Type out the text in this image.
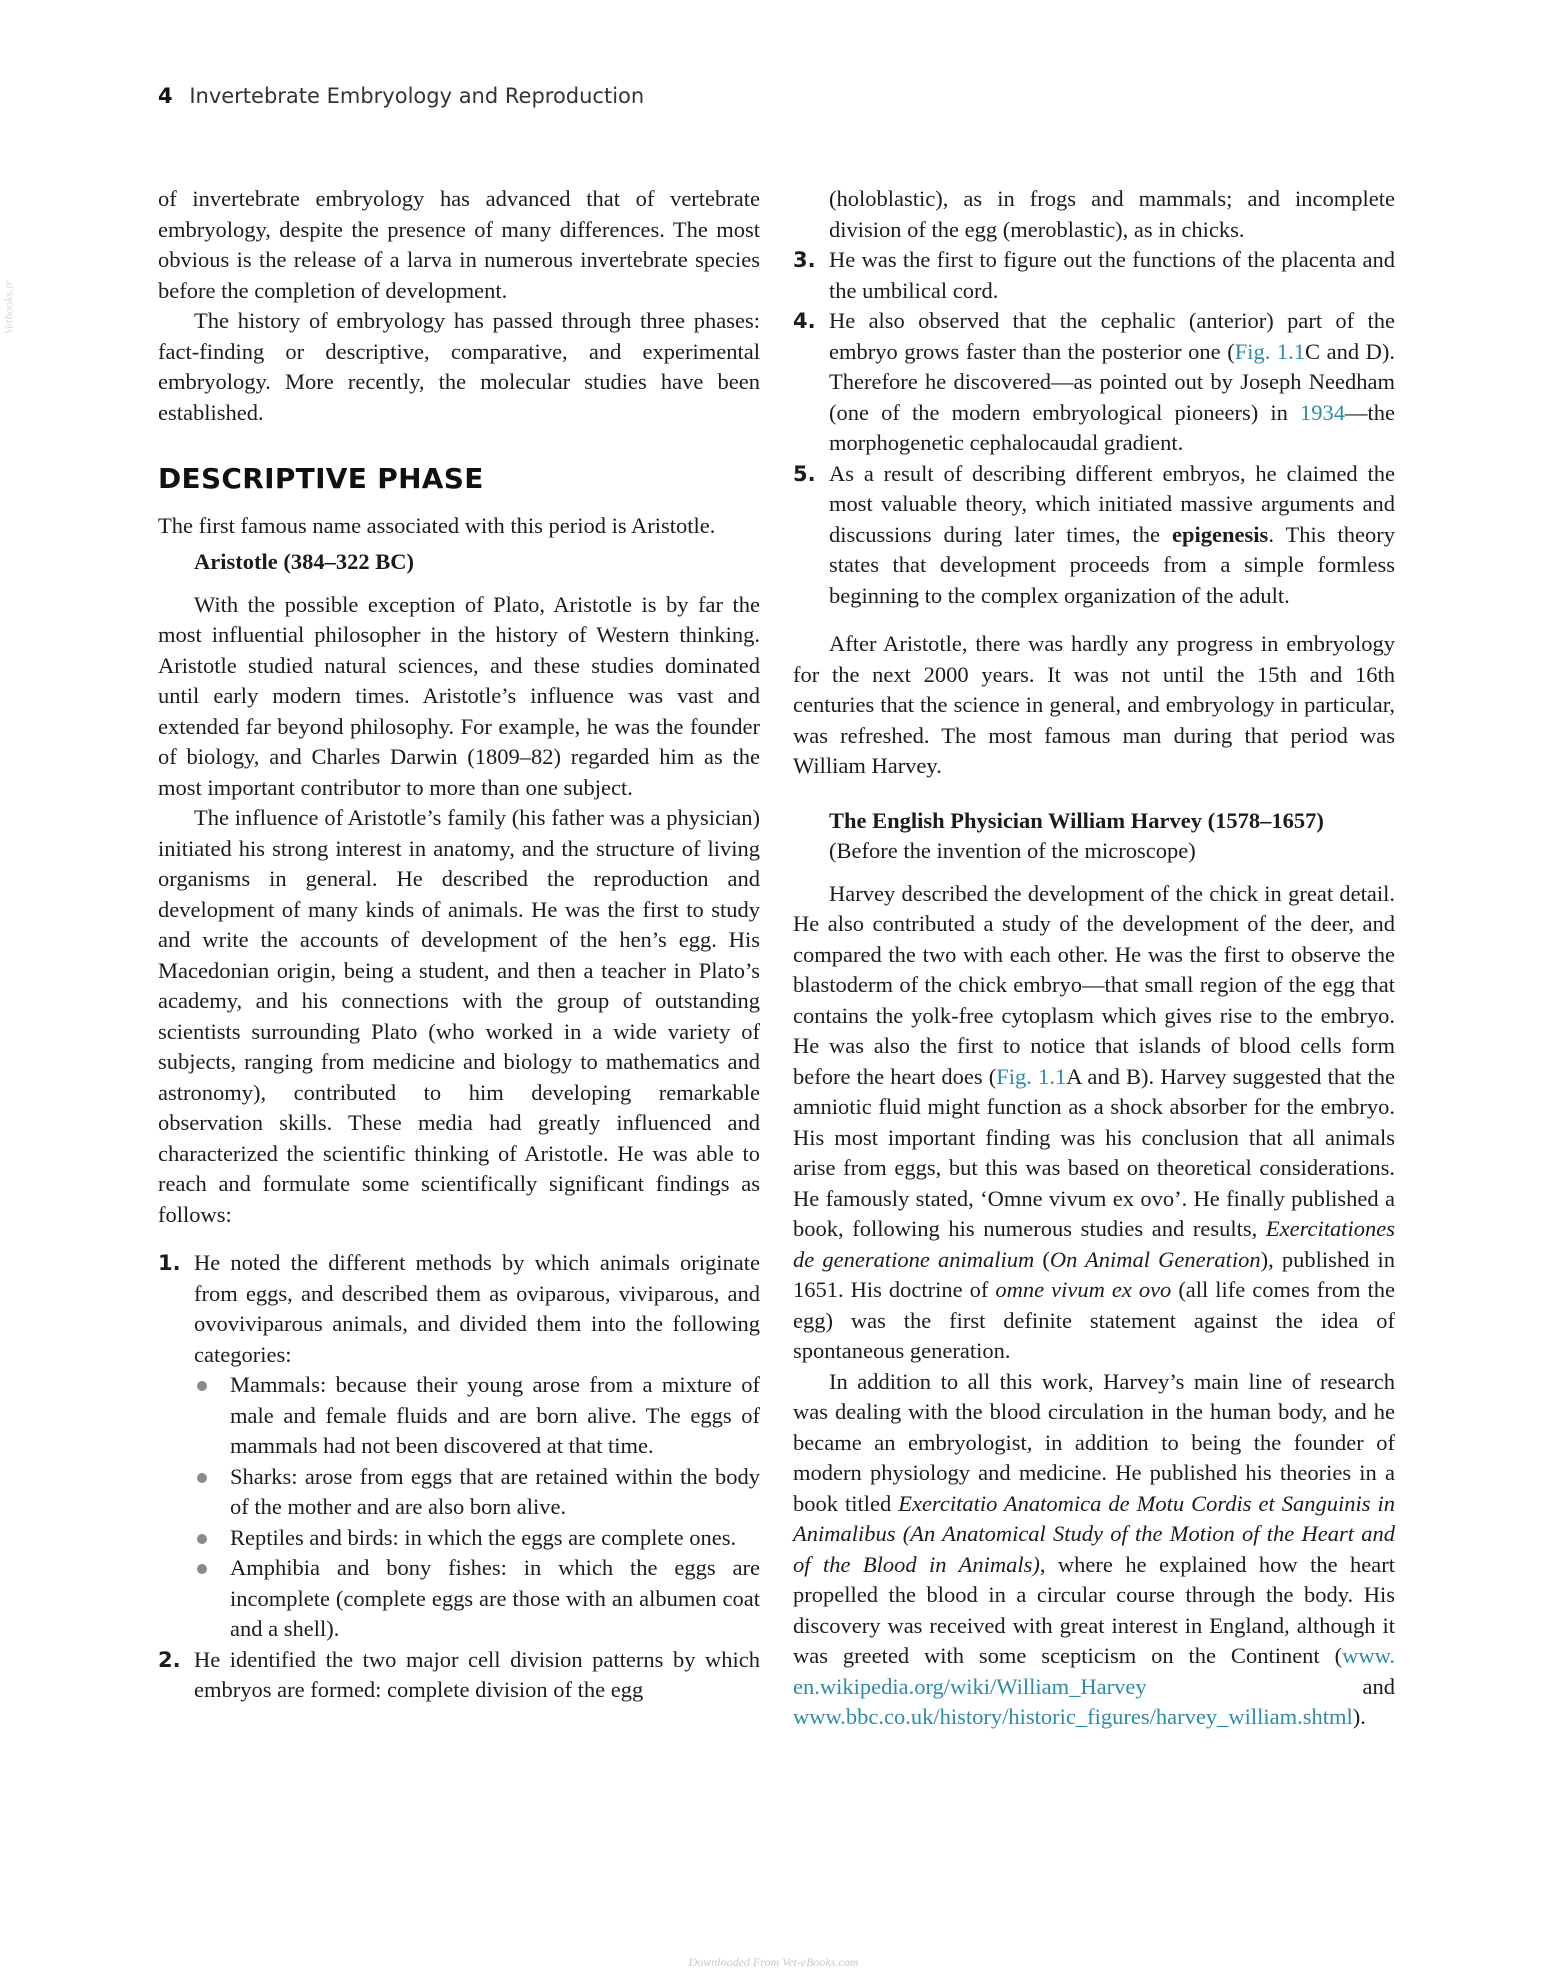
4 Invertebrate Embryology and Reproduction
Vetbooks.ir

of invertebrate embryology has advanced that of vertebrate embryology, despite the presence of many differences. The most obvious is the release of a larva in numerous invertebrate species before the completion of development.

The history of embryology has passed through three phases: fact-finding or descriptive, comparative, and experimental embryology. More recently, the molecular studies have been established.

DESCRIPTIVE PHASE

The first famous name associated with this period is Aristotle.

Aristotle (384–322 BC)

With the possible exception of Plato, Aristotle is by far the most influential philosopher in the history of Western thinking. Aristotle studied natural sciences, and these studies dominated until early modern times. Aristotle’s influence was vast and extended far beyond philosophy. For example, he was the founder of biology, and Charles Darwin (1809–82) regarded him as the most important contributor to more than one subject.

The influence of Aristotle’s family (his father was a physician) initiated his strong interest in anatomy, and the structure of living organisms in general. He described the reproduction and development of many kinds of animals. He was the first to study and write the accounts of development of the hen’s egg. His Macedonian origin, being a student, and then a teacher in Plato’s academy, and his connections with the group of outstanding scientists surrounding Plato (who worked in a wide variety of subjects, ranging from medicine and biology to mathematics and astronomy), contributed to him developing remarkable observation skills. These media had greatly influenced and characterized the scientific thinking of Aristotle. He was able to reach and formulate some scientifically significant findings as follows:

1. He noted the different methods by which animals originate from eggs, and described them as oviparous, viviparous, and ovoviviparous animals, and divided them into the following categories:
Mammals: because their young arose from a mixture of male and female fluids and are born alive. The eggs of mammals had not been discovered at that time.
Sharks: arose from eggs that are retained within the body of the mother and are also born alive.
Reptiles and birds: in which the eggs are complete ones.
Amphibia and bony fishes: in which the eggs are incomplete (complete eggs are those with an albumen coat and a shell).
2. He identified the two major cell division patterns by which embryos are formed: complete division of the egg
(holoblastic), as in frogs and mammals; and incomplete division of the egg (meroblastic), as in chicks.
3. He was the first to figure out the functions of the placenta and the umbilical cord.
4. He also observed that the cephalic (anterior) part of the embryo grows faster than the posterior one (Fig. 1.1C and D). Therefore he discovered—as pointed out by Joseph Needham (one of the modern embryological pioneers) in 1934—the morphogenetic cephalocaudal gradient.
5. As a result of describing different embryos, he claimed the most valuable theory, which initiated massive arguments and discussions during later times, the epigenesis. This theory states that development proceeds from a simple formless beginning to the complex organization of the adult.

After Aristotle, there was hardly any progress in embryology for the next 2000 years. It was not until the 15th and 16th centuries that the science in general, and embryology in particular, was refreshed. The most famous man during that period was William Harvey.

The English Physician William Harvey (1578–1657)
(Before the invention of the microscope)

Harvey described the development of the chick in great detail. He also contributed a study of the development of the deer, and compared the two with each other. He was the first to observe the blastoderm of the chick embryo—that small region of the egg that contains the yolk-free cytoplasm which gives rise to the embryo. He was also the first to notice that islands of blood cells form before the heart does (Fig. 1.1A and B). Harvey suggested that the amniotic fluid might function as a shock absorber for the embryo. His most important finding was his conclusion that all animals arise from eggs, but this was based on theoretical considerations. He famously stated, ‘Omne vivum ex ovo’. He finally published a book, following his numerous studies and results, Exercitationes de generatione animalium (On Animal Generation), published in 1651. His doctrine of omne vivum ex ovo (all life comes from the egg) was the first definite statement against the idea of spontaneous generation.

In addition to all this work, Harvey’s main line of research was dealing with the blood circulation in the human body, and he became an embryologist, in addition to being the founder of modern physiology and medicine. He published his theories in a book titled Exercitatio Anatomica de Motu Cordis et Sanguinis in Animalibus (An Anatomical Study of the Motion of the Heart and of the Blood in Animals), where he explained how the heart propelled the blood in a circular course through the body. His discovery was received with great interest in England, although it was greeted with some scepticism on the Continent (www. en.wikipedia.org/wiki/William_Harvey and www.bbc.co.uk/history/historic_figures/harvey_william.shtml).

Downloaded From Vet-eBooks.com
